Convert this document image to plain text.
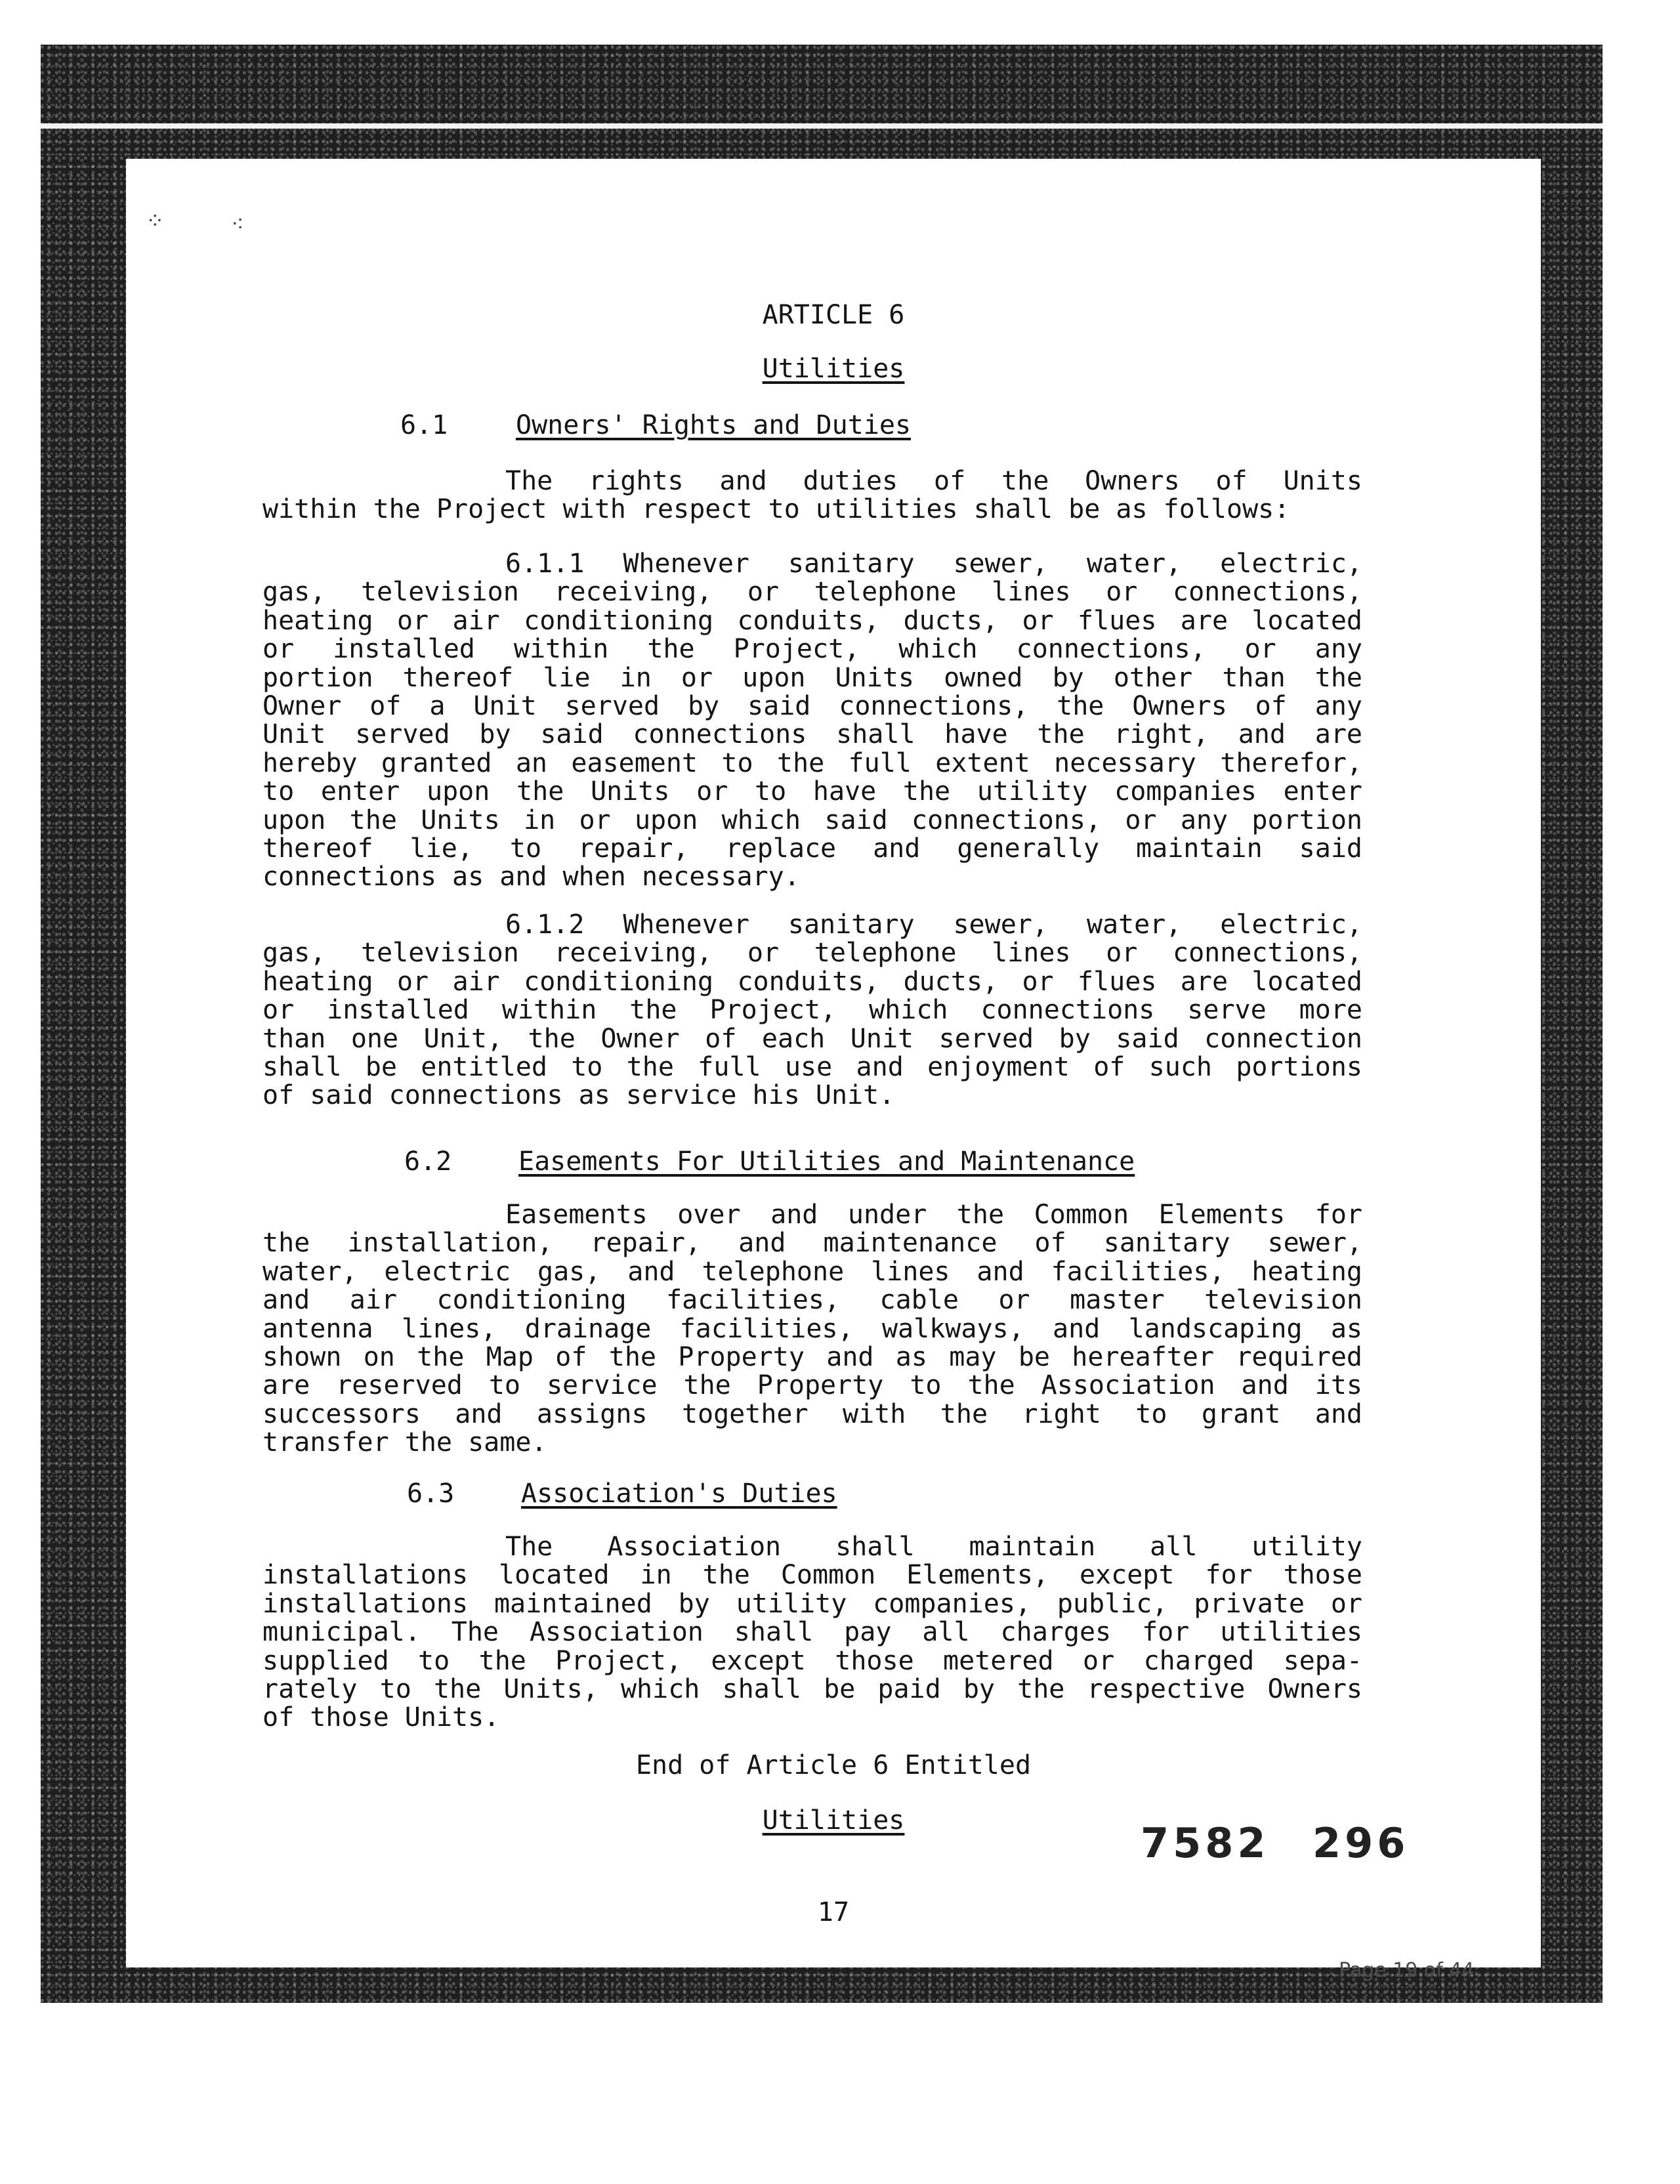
⁘	⁖
ARTICLE 6
Utilities
6.1	Owners' Rights and Duties
The rights and duties of the Owners of Units
within the Project with respect to utilities shall be as follows:
6.1.1 Whenever sanitary sewer, water, electric,
gas, television receiving, or telephone lines or connections,
heating or air conditioning conduits, ducts, or flues are located
or installed within the Project, which connections, or any
portion thereof lie in or upon Units owned by other than the
Owner of a Unit served by said connections, the Owners of any
Unit served by said connections shall have the right, and are
hereby granted an easement to the full extent necessary therefor,
to enter upon the Units or to have the utility companies enter
upon the Units in or upon which said connections, or any portion
thereof lie, to repair, replace and generally maintain said
connections as and when necessary.
6.1.2 Whenever sanitary sewer, water, electric,
gas, television receiving, or telephone lines or connections,
heating or air conditioning conduits, ducts, or flues are located
or installed within the Project, which connections serve more
than one Unit, the Owner of each Unit served by said connection
shall be entitled to the full use and enjoyment of such portions
of said connections as service his Unit.
6.2	Easements For Utilities and Maintenance
Easements over and under the Common Elements for
the installation, repair, and maintenance of sanitary sewer,
water, electric gas, and telephone lines and facilities, heating
and air conditioning facilities, cable or master television
antenna lines, drainage facilities, walkways, and landscaping as
shown on the Map of the Property and as may be hereafter required
are reserved to service the Property to the Association and its
successors and assigns together with the right to grant and
transfer the same.
6.3	Association's Duties
The Association shall maintain all utility
installations located in the Common Elements, except for those
installations maintained by utility companies, public, private or
municipal. The Association shall pay all charges for utilities
supplied to the Project, except those metered or charged sepa-
rately to the Units, which shall be paid by the respective Owners
of those Units.
End of Article 6 Entitled
Utilities	7582 296
17
Page 19 of 44
